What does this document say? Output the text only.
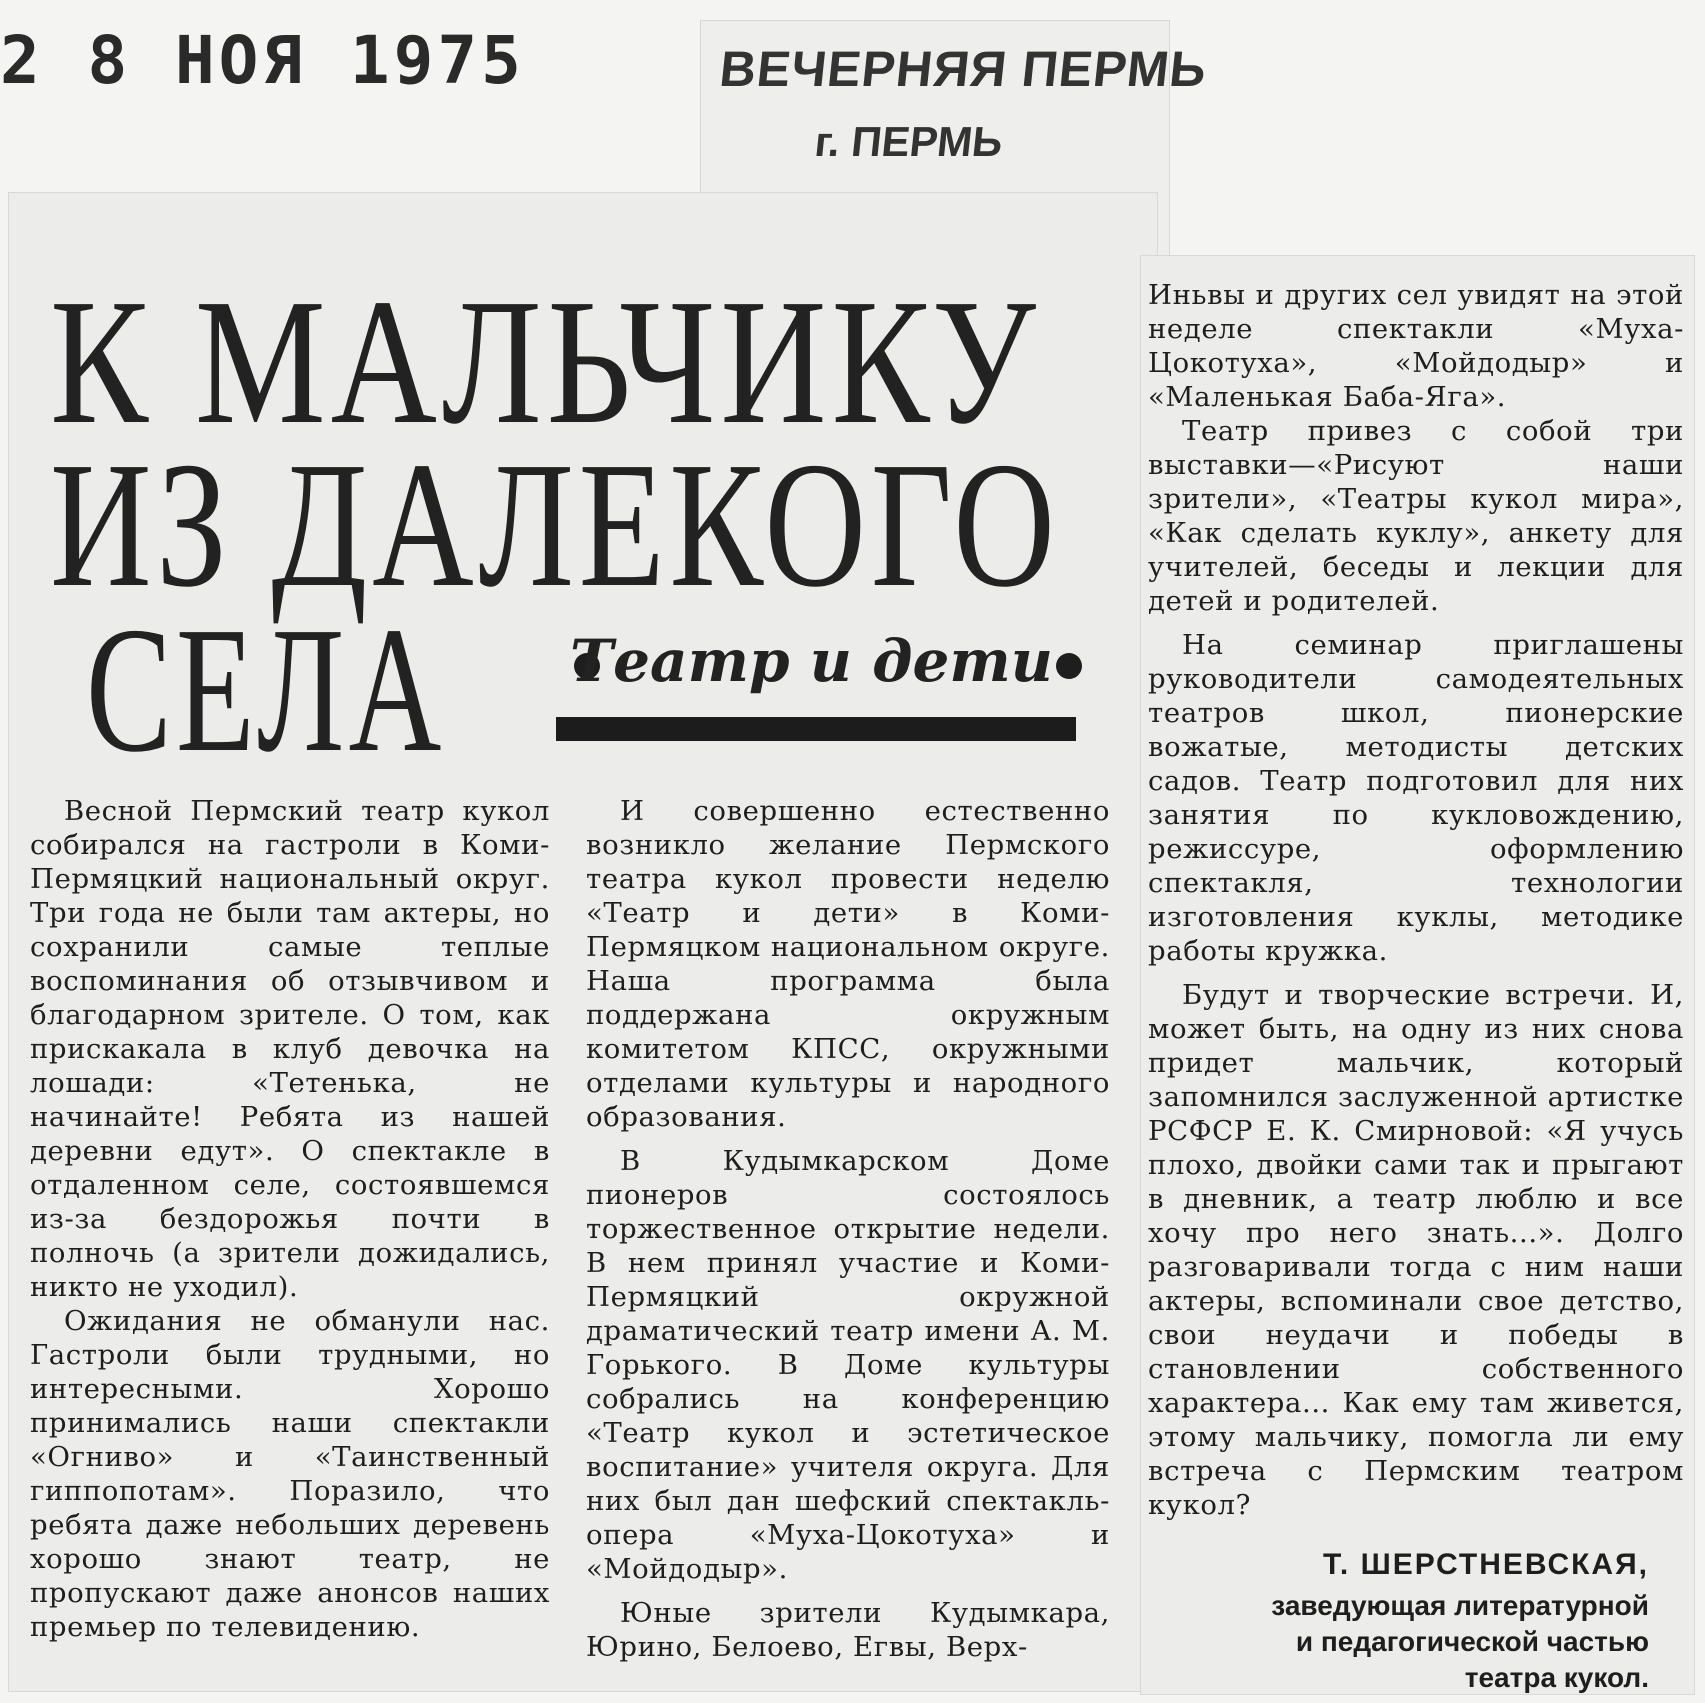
2 8 НОЯ 1975	ВЕЧЕРНЯЯ ПЕРМЬ
г. ПЕРМЬ
К МАЛЬЧИКУ
ИЗ ДАЛЕКОГО
СЕЛА Театр и дети

Весной Пермский театр кукол собирался на гастроли в Коми-Пермяцкий национальный округ. Три года не были там актеры, но сохранили самые теплые воспоминания об отзывчивом и благодарном зрителе. О том, как прискакала в клуб девочка на лошади: «Тетенька, не начинайте! Ребята из нашей деревни едут». О спектакле в отдаленном селе, состоявшемся из-за бездорожья почти в полночь (а зрители дожидались, никто не уходил).

Ожидания не обманули нас. Гастроли были трудными, но интересными. Хорошо принимались наши спектакли «Огниво» и «Таинственный гиппопотам». Поразило, что ребята даже небольших деревень хорошо знают театр, не пропускают даже анонсов наших премьер по телевидению.

И совершенно естественно возникло желание Пермского театра кукол провести неделю «Театр и дети» в Коми-Пермяцком национальном округе. Наша программа была поддержана окружным комитетом КПСС, окружными отделами культуры и народного образования.

В Кудымкарском Доме пионеров состоялось торжественное открытие недели. В нем принял участие и Коми-Пермяцкий окружной драматический театр имени А. М. Горького. В Доме культуры собрались на конференцию «Театр кукол и эстетическое воспитание» учителя округа. Для них был дан шефский спектакль-опера «Муха-Цокотуха» и «Мойдодыр».

Юные зрители Кудымкара, Юрино, Белоево, Егвы, Верх-

Иньвы и других сел увидят на этой неделе спектакли «Муха-Цокотуха», «Мойдодыр» и «Маленькая Баба-Яга».

Театр привез с собой три выставки—«Рисуют наши зрители», «Театры кукол мира», «Как сделать куклу», анкету для учителей, беседы и лекции для детей и родителей.

На семинар приглашены руководители самодеятельных театров школ, пионерские вожатые, методисты детских садов. Театр подготовил для них занятия по кукловождению, режиссуре, оформлению спектакля, технологии изготовления куклы, методике работы кружка.

Будут и творческие встречи. И, может быть, на одну из них снова придет мальчик, который запомнился заслуженной артистке РСФСР Е. К. Смирновой: «Я учусь плохо, двойки сами так и прыгают в дневник, а театр люблю и все хочу про него знать...». Долго разговаривали тогда с ним наши актеры, вспоминали свое детство, свои неудачи и победы в становлении собственного характера... Как ему там живется, этому мальчику, помогла ли ему встреча с Пермским театром кукол?

Т. ШЕРСТНЕВСКАЯ,
заведующая литературной
и педагогической частью
театра кукол.
